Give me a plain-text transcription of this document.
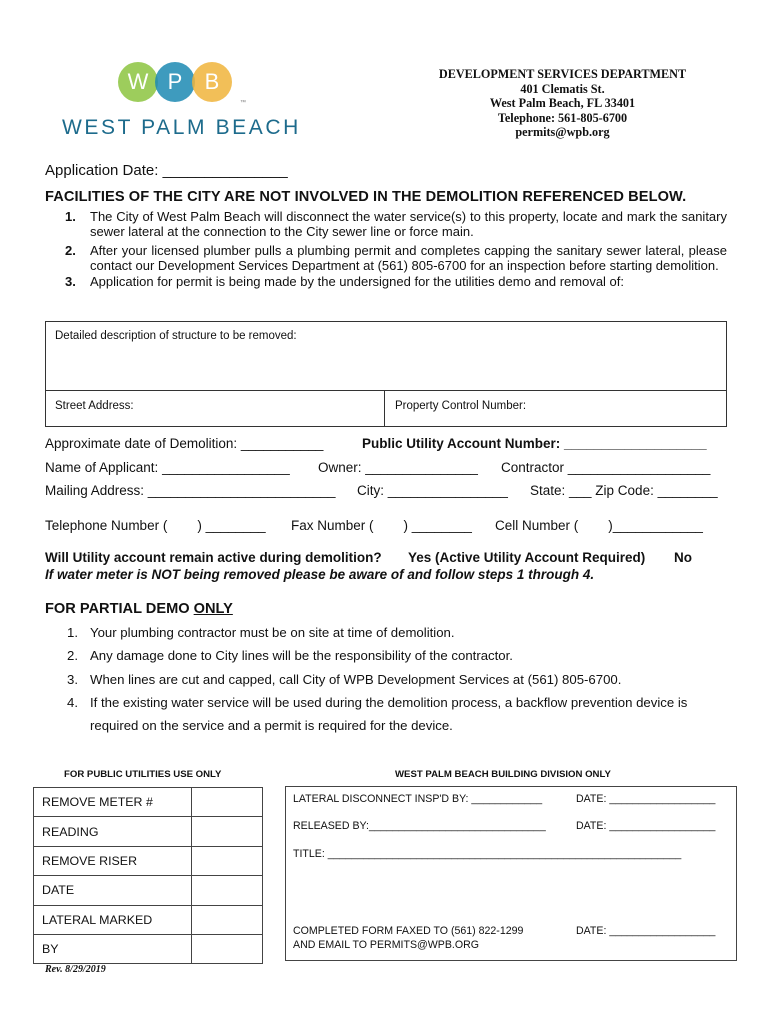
W P	B
™
WEST PALM BEACH
DEVELOPMENT SERVICES DEPARTMENT
401 Clematis St.
West Palm Beach, FL 33401
Telephone: 561-805-6700
permits@wpb.org
Application Date: _______________
FACILITIES OF THE CITY ARE NOT INVOLVED IN THE DEMOLITION REFERENCED BELOW.
1. The City of West Palm Beach will disconnect the water service(s) to this property, locate and mark the sanitary sewer lateral at the connection to the City sewer line or force main.
2. After your licensed plumber pulls a plumbing permit and completes capping the sanitary sewer lateral, please contact our Development Services Department at (561) 805-6700 for an inspection before starting demolition.
3. Application for permit is being made by the undersigned for the utilities demo and removal of:
Detailed description of structure to be removed:
Street Address:	Property Control Number:
Approximate date of Demolition: ___________	Public Utility Account Number: ___________________
Name of Applicant: _________________ Owner: _______________ Contractor ___________________
Mailing Address: _________________________ City: ________________ State: ___ Zip Code: ________
Telephone Number (        ) ________ Fax Number (        ) ________ Cell Number (        )____________
Will Utility account remain active during demolition? Yes (Active Utility Account Required) No
If water meter is NOT being removed please be aware of and follow steps 1 through 4.
FOR PARTIAL DEMO ONLY
1. Your plumbing contractor must be on site at time of demolition.
2. Any damage done to City lines will be the responsibility of the contractor.
3. When lines are cut and capped, call City of WPB Development Services at (561) 805-6700.
4. If the existing water service will be used during the demolition process, a backflow prevention device is
required on the service and a permit is required for the device.
FOR PUBLIC UTILITIES USE ONLY	WEST PALM BEACH BUILDING DIVISION ONLY
REMOVE METER #	
READING	
REMOVE RISER	
DATE	
LATERAL MARKED	
BY	
LATERAL DISCONNECT INSP'D BY: ____________	DATE: __________________
RELEASED BY:______________________________	DATE: __________________
TITLE: ____________________________________________________________
COMPLETED FORM FAXED TO (561) 822-1299
AND EMAIL TO PERMITS@WPB.ORG
DATE: __________________
Rev. 8/29/2019
